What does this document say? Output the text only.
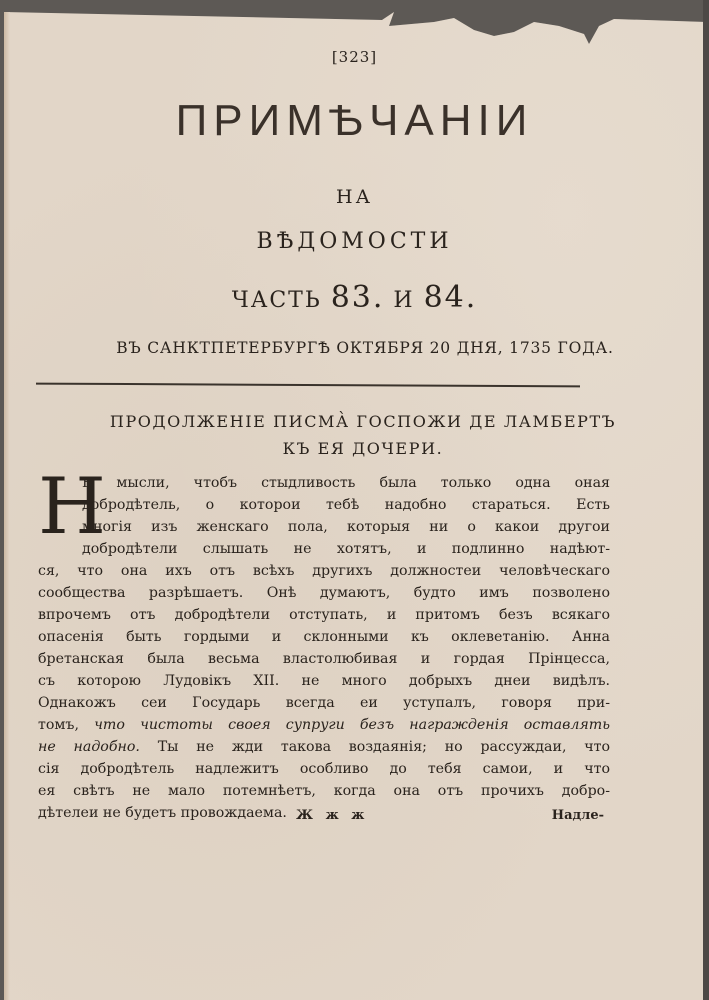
[323]
ПРИМѢЧАНІИ
НА
ВѢДОМОСТИ
ЧАСТЬ 83. И 84.
ВЪ САНКТПЕТЕРБУРГѢ ОКТЯБРЯ 20 ДНЯ, 1735 ГОДА.
ПРОДОЛЖЕНІЕ ПИСМА̀ ГОСПОЖИ ДЕ ЛАМБЕРТЪ
КЪ ЕЯ ДОЧЕРИ.
Н
Е мысли, чтобъ стыдливость была только одна оная
добродѣтель, о которои тебѣ надобно стараться. Есть
многія изъ женскаго пола, которыя ни о какои другои
добродѣтели слышать не хотятъ, и подлинно надѣют-
ся, что она ихъ отъ всѣхъ другихъ должностеи человѣческаго
сообщества разрѣшаетъ. Онѣ думаютъ, будто имъ позволено
впрочемъ отъ добродѣтели отступать, и притомъ безъ всякаго
опасенія быть гордыми и склонными къ оклеветанію. Анна
бретанская была весьма властолюбивая и гордая Прінцесса,
съ которою Лудовікъ XII. не много добрыхъ днеи видѣлъ.
Однакожъ сеи Государь всегда еи уступалъ, говоря при-
томъ, что чистоты своея супруги безъ награжденія оставлять
не надобно. Ты не жди такова воздаянія; но рассуждаи, что
сія добродѣтель надлежитъ особливо до тебя самои, и что
ея свѣтъ не мало потемнѣетъ, когда она отъ прочихъ добро-
дѣтелеи не будетъ провождаема. Ж ж ж	Надле-
